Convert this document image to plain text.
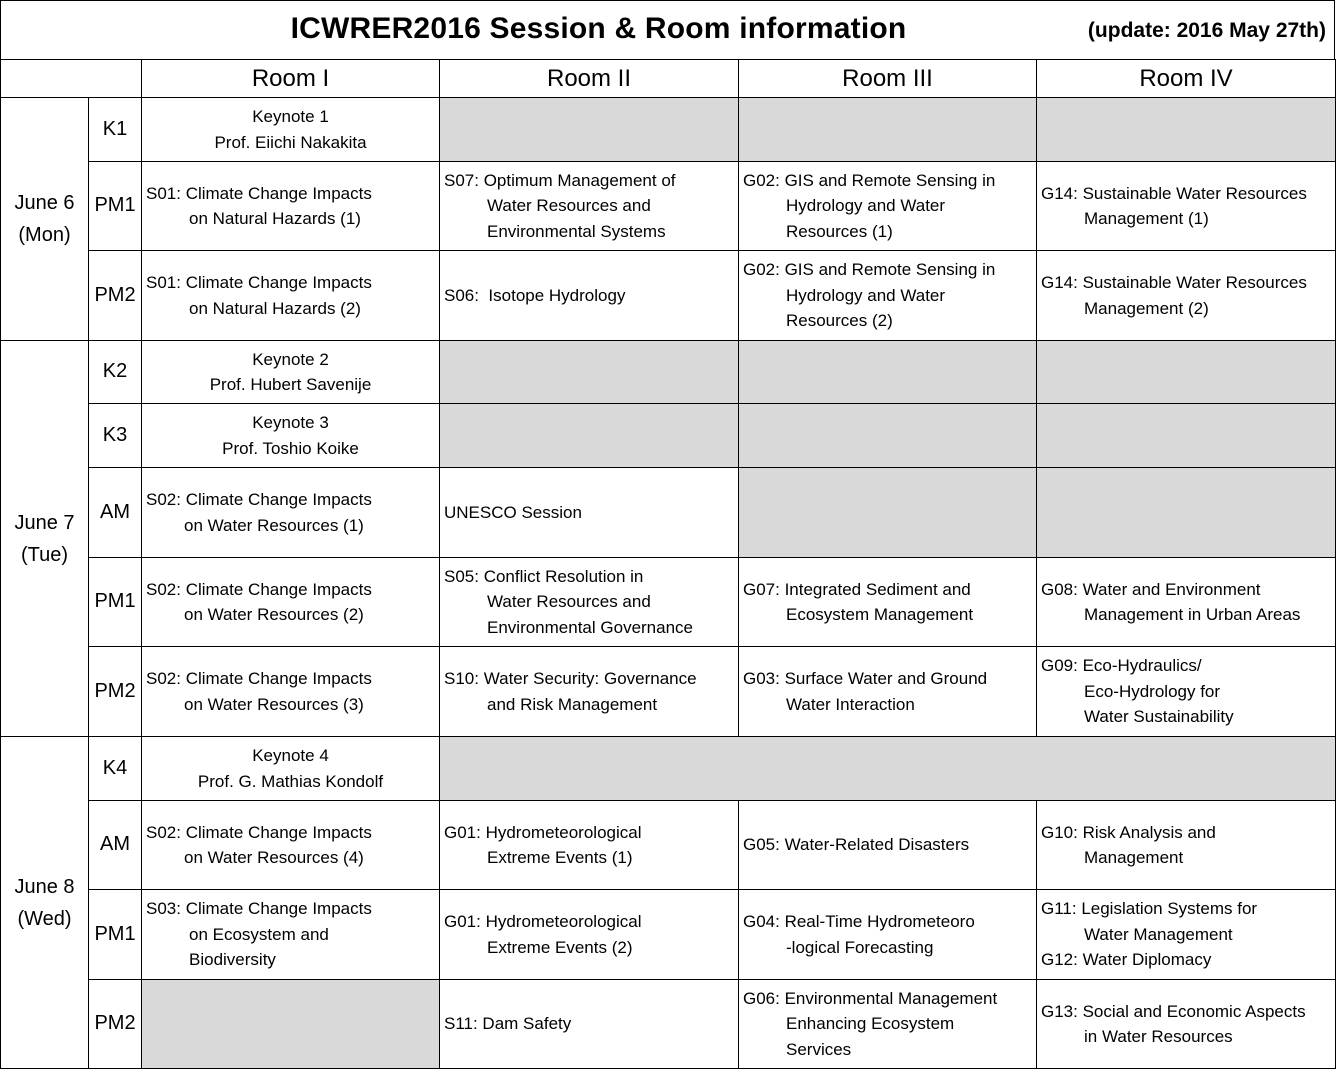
ICWRER2016 Session & Room information	(update: 2016 May 27th)
		Room I	Room II	Room III	Room IV

June 6
(Mon)	K1	Keynote 1
Prof. Eiichi Nakakita			

	PM1	S01: Climate Change Impacts
on Natural Hazards (1)	S07: Optimum Management of
Water Resources and
Environmental Systems	G02: GIS and Remote Sensing in
Hydrology and Water
Resources (1)	G14: Sustainable Water Resources
Management (1)

	PM2	S01: Climate Change Impacts
on Natural Hazards (2)	S06:  Isotope Hydrology	G02: GIS and Remote Sensing in
Hydrology and Water
Resources (2)	G14: Sustainable Water Resources
Management (2)

June 7
(Tue)	K2	Keynote 2
Prof. Hubert Savenije			

	K3	Keynote 3
Prof. Toshio Koike			

	AM	S02: Climate Change Impacts
on Water Resources (1)	UNESCO Session		

	PM1	S02: Climate Change Impacts
on Water Resources (2)	S05: Conflict Resolution in
Water Resources and
Environmental Governance	G07: Integrated Sediment and
Ecosystem Management	G08: Water and Environment
Management in Urban Areas

	PM2	S02: Climate Change Impacts
on Water Resources (3)	S10: Water Security: Governance
and Risk Management	G03: Surface Water and Ground
Water Interaction	G09: Eco-Hydraulics/
Eco-Hydrology for
Water Sustainability

June 8
(Wed)	K4	Keynote 4
Prof. G. Mathias Kondolf			

	AM	S02: Climate Change Impacts
on Water Resources (4)	G01: Hydrometeorological
Extreme Events (1)	G05: Water-Related Disasters	G10: Risk Analysis and
Management

	PM1	S03: Climate Change Impacts
on Ecosystem and
Biodiversity	G01: Hydrometeorological
Extreme Events (2)	G04: Real-Time Hydrometeoro
-logical Forecasting	G11: Legislation Systems for
Water Management
G12: Water Diplomacy

	PM2		S11: Dam Safety	G06: Environmental Management
Enhancing Ecosystem
Services	G13: Social and Economic Aspects
in Water Resources
